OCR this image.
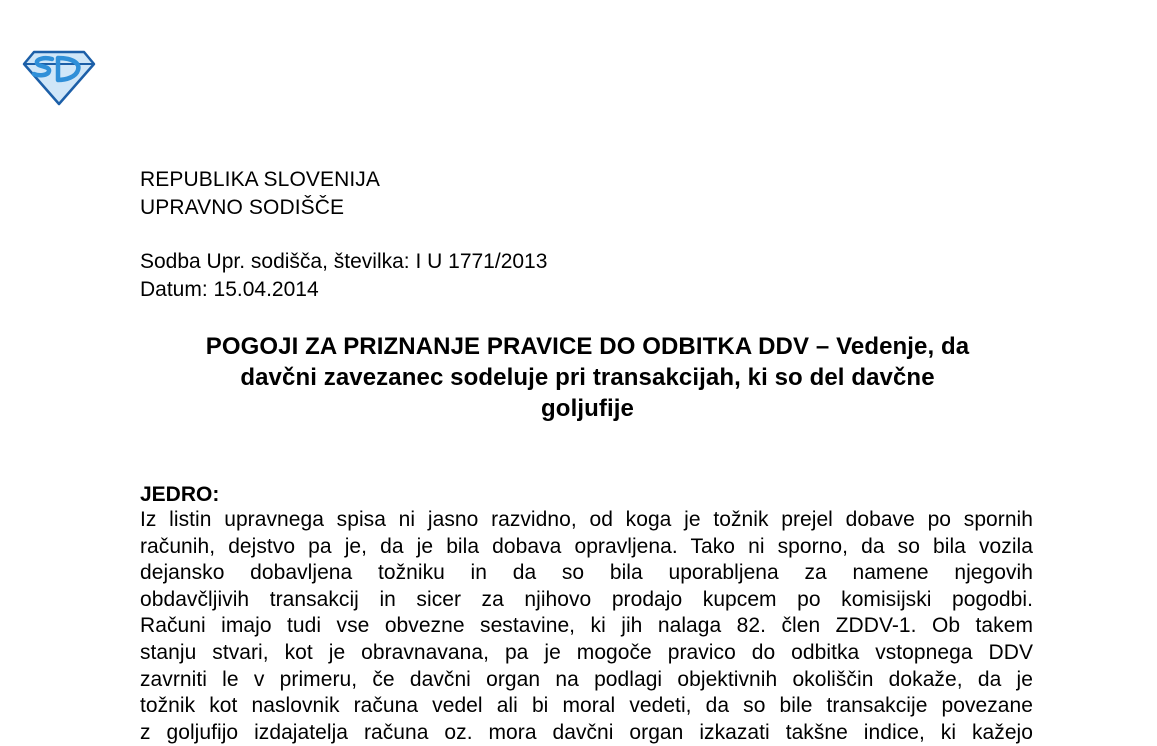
REPUBLIKA SLOVENIJA
UPRAVNO SODIŠČE
Sodba Upr. sodišča, številka: I U 1771/2013
Datum: 15.04.2014
POGOJI ZA PRIZNANJE PRAVICE DO ODBITKA DDV – Vedenje, da
davčni zavezanec sodeluje pri transakcijah, ki so del davčne
goljufije
JEDRO:
Iz listin upravnega spisa ni jasno razvidno, od koga je tožnik prejel dobave po spornih
računih, dejstvo pa je, da je bila dobava opravljena. Tako ni sporno, da so bila vozila
dejansko dobavljena tožniku in da so bila uporabljena za namene njegovih
obdavčljivih transakcij in sicer za njihovo prodajo kupcem po komisijski pogodbi.
Računi imajo tudi vse obvezne sestavine, ki jih nalaga 82. člen ZDDV-1. Ob takem
stanju stvari, kot je obravnavana, pa je mogoče pravico do odbitka vstopnega DDV
zavrniti le v primeru, če davčni organ na podlagi objektivnih okoliščin dokaže, da je
tožnik kot naslovnik računa vedel ali bi moral vedeti, da so bile transakcije povezane
z goljufijo izdajatelja računa oz. mora davčni organ izkazati takšne indice, ki kažejo
